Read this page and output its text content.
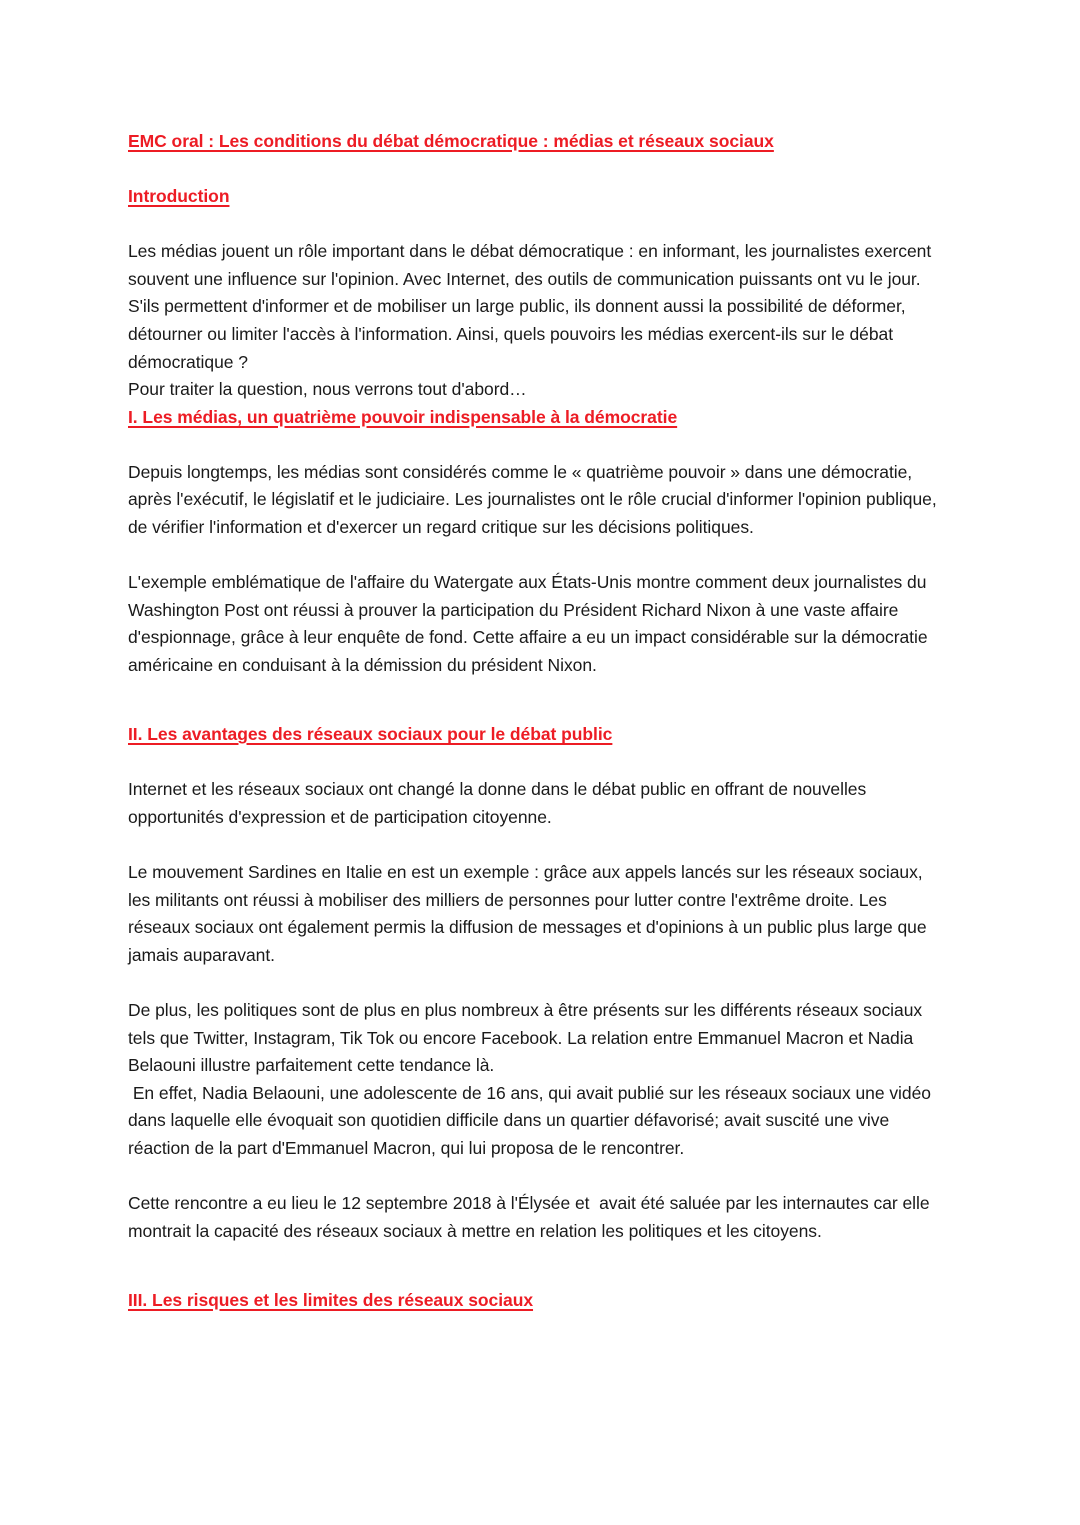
EMC oral : Les conditions du débat démocratique : médias et réseaux sociaux

Introduction

Les médias jouent un rôle important dans le débat démocratique : en informant, les journalistes exercent souvent une influence sur l'opinion. Avec Internet, des outils de communication puissants ont vu le jour. S'ils permettent d'informer et de mobiliser un large public, ils donnent aussi la possibilité de déformer, détourner ou limiter l'accès à l'information. Ainsi, quels pouvoirs les médias exercent-ils sur le débat démocratique ?

Pour traiter la question, nous verrons tout d'abord…

I. Les médias, un quatrième pouvoir indispensable à la démocratie

Depuis longtemps, les médias sont considérés comme le « quatrième pouvoir » dans une démocratie, après l'exécutif, le législatif et le judiciaire. Les journalistes ont le rôle crucial d'informer l'opinion publique, de vérifier l'information et d'exercer un regard critique sur les décisions politiques.

L'exemple emblématique de l'affaire du Watergate aux États-Unis montre comment deux journalistes du Washington Post ont réussi à prouver la participation du Président Richard Nixon à une vaste affaire d'espionnage, grâce à leur enquête de fond. Cette affaire a eu un impact considérable sur la démocratie américaine en conduisant à la démission du président Nixon.

II. Les avantages des réseaux sociaux pour le débat public

Internet et les réseaux sociaux ont changé la donne dans le débat public en offrant de nouvelles opportunités d'expression et de participation citoyenne.

Le mouvement Sardines en Italie en est un exemple : grâce aux appels lancés sur les réseaux sociaux, les militants ont réussi à mobiliser des milliers de personnes pour lutter contre l'extrême droite. Les réseaux sociaux ont également permis la diffusion de messages et d'opinions à un public plus large que jamais auparavant.

De plus, les politiques sont de plus en plus nombreux à être présents sur les différents réseaux sociaux tels que Twitter, Instagram, Tik Tok ou encore Facebook. La relation entre Emmanuel Macron et Nadia Belaouni illustre parfaitement cette tendance là.

En effet, Nadia Belaouni, une adolescente de 16 ans, qui avait publié sur les réseaux sociaux une vidéo dans laquelle elle évoquait son quotidien difficile dans un quartier défavorisé; avait suscité une vive réaction de la part d'Emmanuel Macron, qui lui proposa de le rencontrer.

Cette rencontre a eu lieu le 12 septembre 2018 à l'Élysée et  avait été saluée par les internautes car elle montrait la capacité des réseaux sociaux à mettre en relation les politiques et les citoyens.

III. Les risques et les limites des réseaux sociaux
